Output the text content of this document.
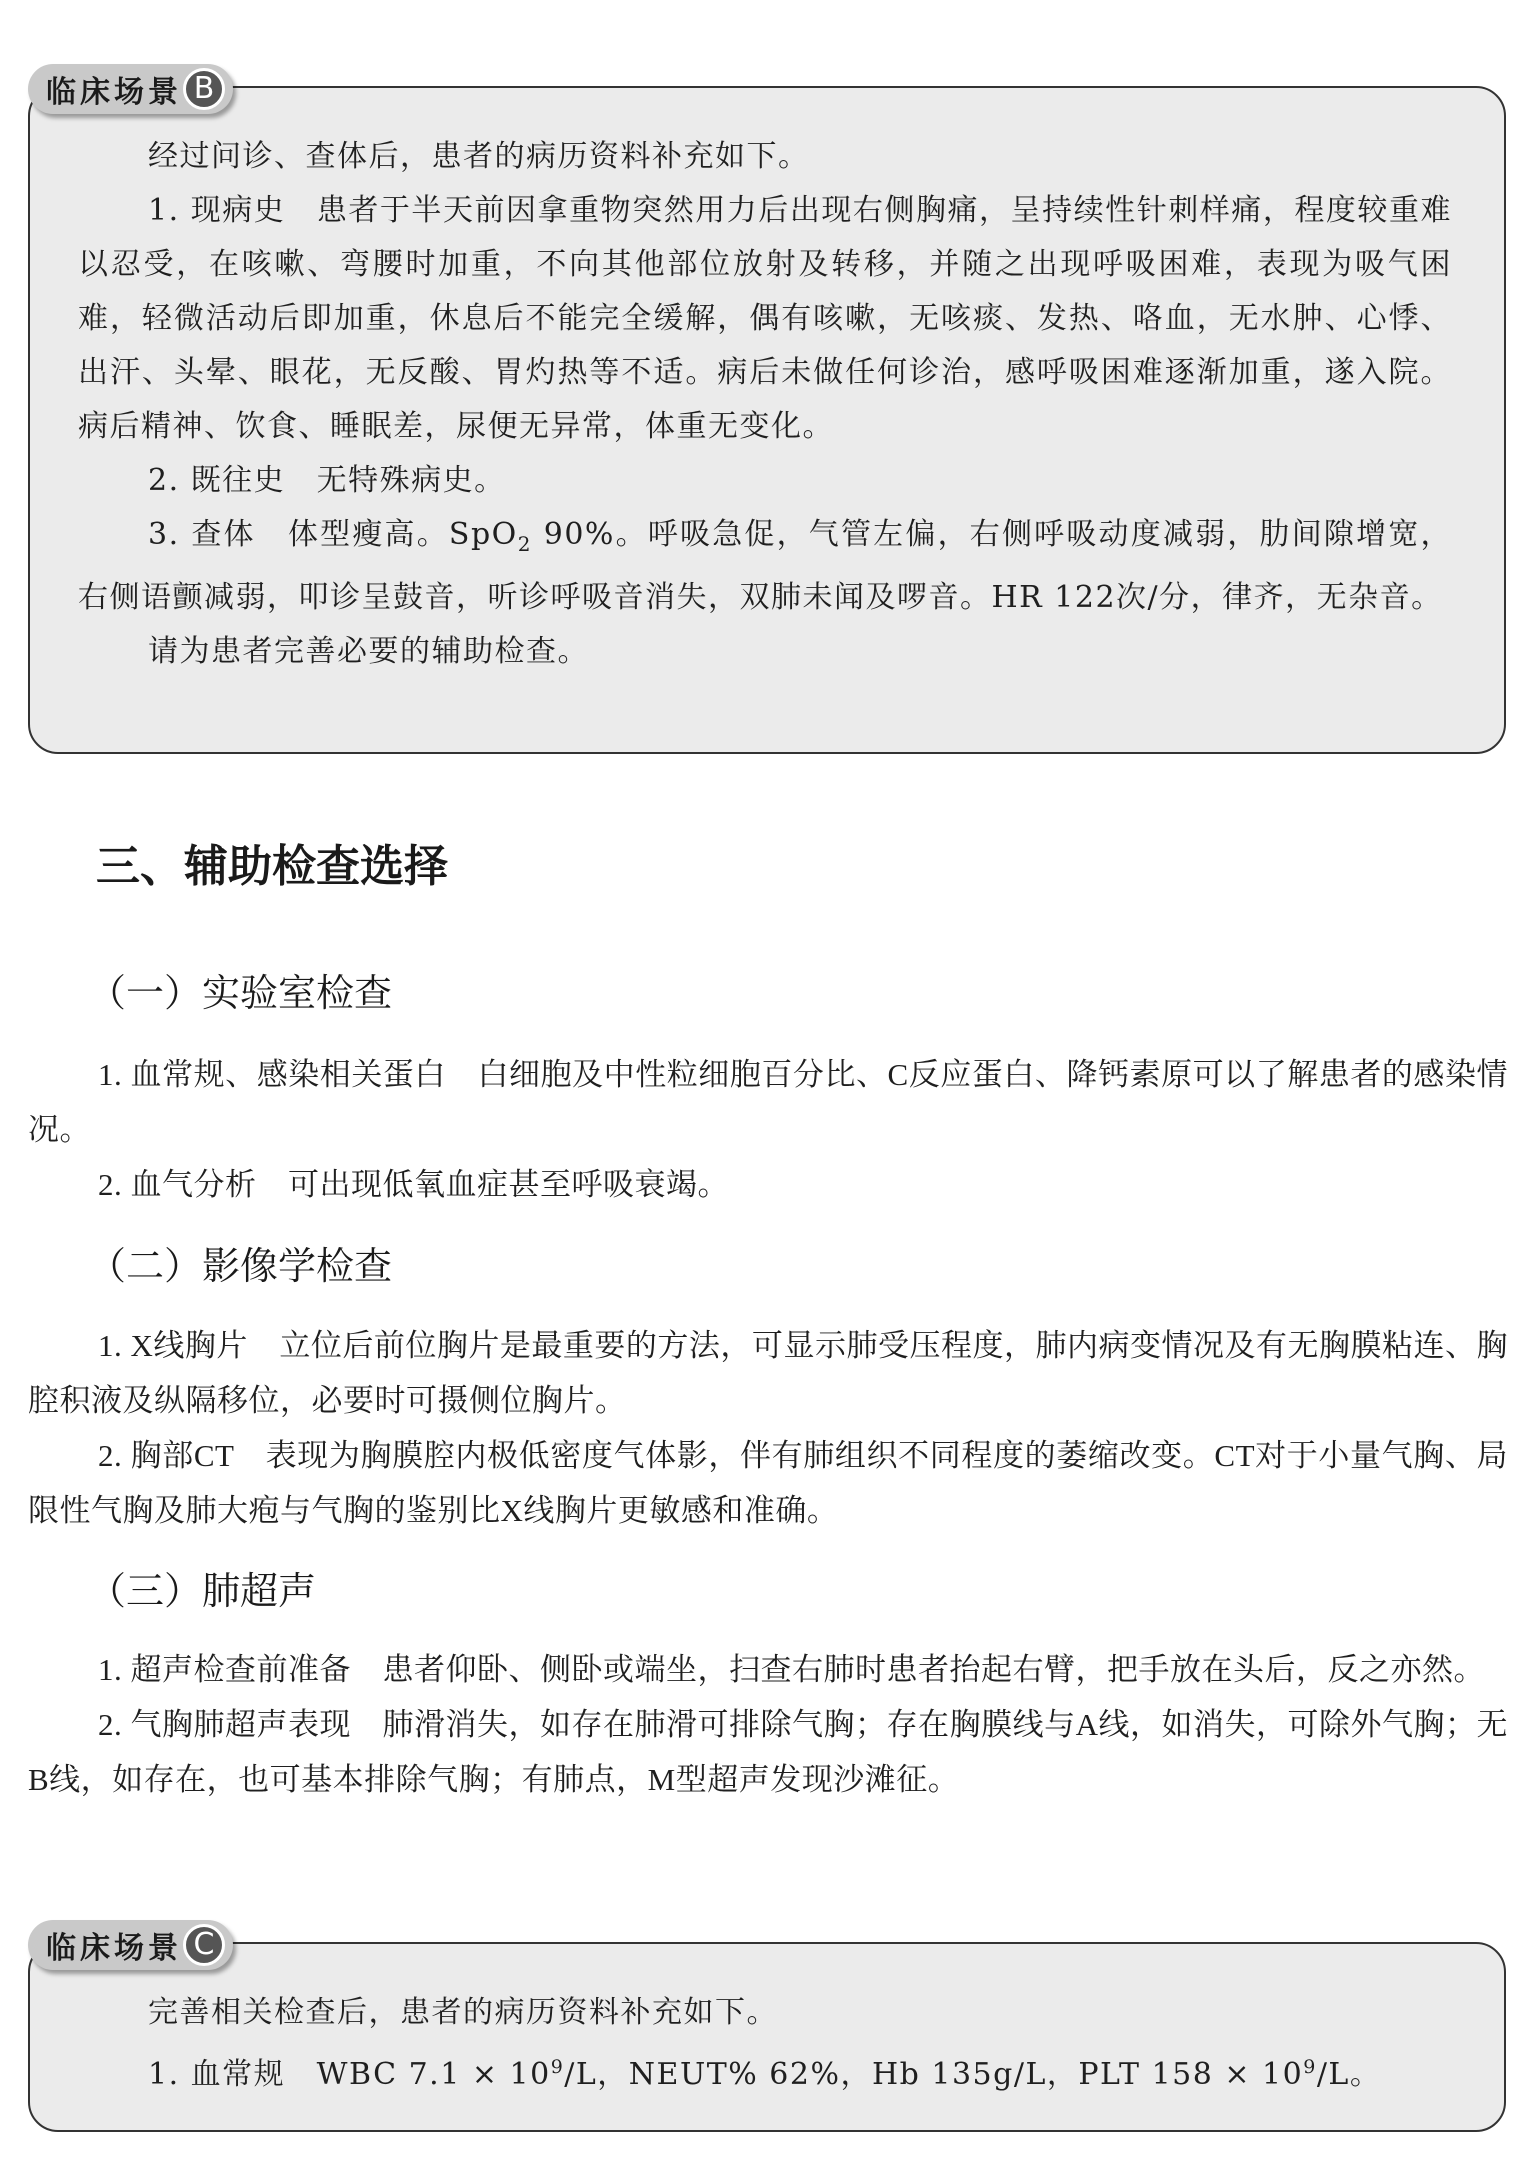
临床场景 B

经过问诊、查体后，患者的病历资料补充如下。

1. 现病史　患者于半天前因拿重物突然用力后出现右侧胸痛，呈持续性针刺样痛，程度较重难以忍受，在咳嗽、弯腰时加重，不向其他部位放射及转移，并随之出现呼吸困难，表现为吸气困难，轻微活动后即加重，休息后不能完全缓解，偶有咳嗽，无咳痰、发热、咯血，无水肿、心悸、出汗、头晕、眼花，无反酸、胃灼热等不适。病后未做任何诊治，感呼吸困难逐渐加重，遂入院。病后精神、饮食、睡眠差，尿便无异常，体重无变化。

2. 既往史　无特殊病史。

3. 查体　体型瘦高。SpO$_2$ 90%。呼吸急促，气管左偏，右侧呼吸动度减弱，肋间隙增宽，右侧语颤减弱，叩诊呈鼓音，听诊呼吸音消失，双肺未闻及啰音。HR 122次/分，律齐，无杂音。

请为患者完善必要的辅助检查。

三、辅助检查选择
（一）实验室检查

1. 血常规、感染相关蛋白　白细胞及中性粒细胞百分比、C反应蛋白、降钙素原可以了解患者的感染情况。

2. 血气分析　可出现低氧血症甚至呼吸衰竭。

（二）影像学检查

1. X线胸片　立位后前位胸片是最重要的方法，可显示肺受压程度，肺内病变情况及有无胸膜粘连、胸腔积液及纵隔移位，必要时可摄侧位胸片。

2. 胸部CT　表现为胸膜腔内极低密度气体影，伴有肺组织不同程度的萎缩改变。CT对于小量气胸、局限性气胸及肺大疱与气胸的鉴别比X线胸片更敏感和准确。

（三）肺超声

1. 超声检查前准备　患者仰卧、侧卧或端坐，扫查右肺时患者抬起右臂，把手放在头后，反之亦然。

2. 气胸肺超声表现　肺滑消失，如存在肺滑可排除气胸；存在胸膜线与A线，如消失，可除外气胸；无B线，如存在，也可基本排除气胸；有肺点，M型超声发现沙滩征。

临床场景 C

完善相关检查后，患者的病历资料补充如下。

1. 血常规　WBC $7.1 \times 10^9/L$，NEUT% 62%，Hb 135g/L，PLT $158 \times 10^9/L$。
